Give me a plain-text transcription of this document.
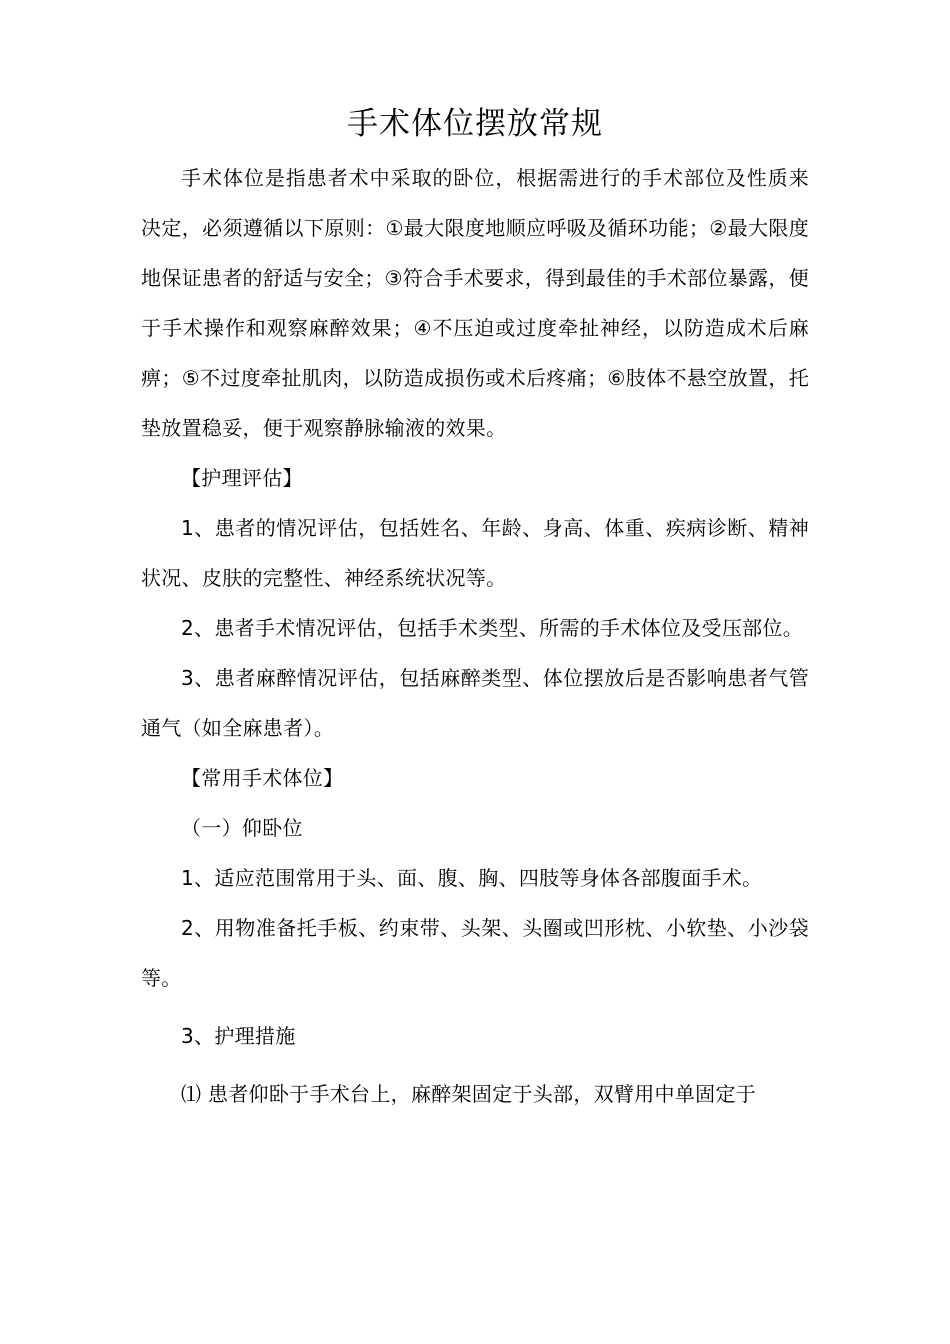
手术体位摆放常规

手术体位是指患者术中采取的卧位，根据需进行的手术部位及性质来决定，必须遵循以下原则：①最大限度地顺应呼吸及循环功能；②最大限度地保证患者的舒适与安全；③符合手术要求，得到最佳的手术部位暴露，便于手术操作和观察麻醉效果；④不压迫或过度牵扯神经，以防造成术后麻痹；⑤不过度牵扯肌肉，以防造成损伤或术后疼痛；⑥肢体不悬空放置，托垫放置稳妥，便于观察静脉输液的效果。

【护理评估】

1、患者的情况评估，包括姓名、年龄、身高、体重、疾病诊断、精神状况、皮肤的完整性、神经系统状况等。

2、患者手术情况评估，包括手术类型、所需的手术体位及受压部位。

3、患者麻醉情况评估，包括麻醉类型、体位摆放后是否影响患者气管通气（如全麻患者）。

【常用手术体位】

（一）仰卧位

1、适应范围常用于头、面、腹、胸、四肢等身体各部腹面手术。

2、用物准备托手板、约束带、头架、头圈或凹形枕、小软垫、小沙袋等。

3、护理措施

⑴ 患者仰卧于手术台上，麻醉架固定于头部，双臂用中单固定于
